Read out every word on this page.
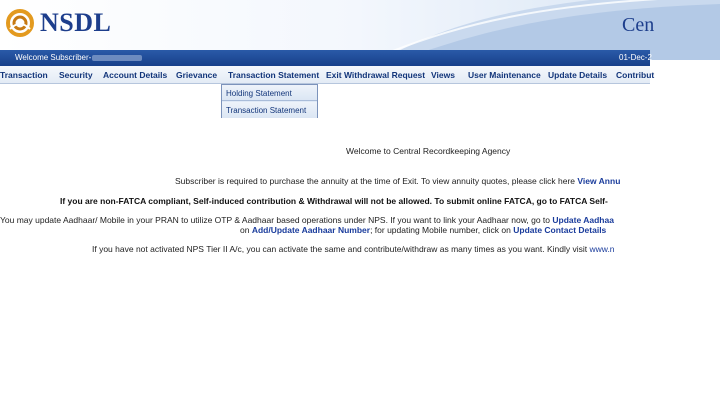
NSDL	Cen
Welcome Subscriber-	01-Dec-2
Transaction Security Account Details Grievance Transaction Statement Exit Withdrawal Request Views User Maintenance Update Details Contribut
Holding Statement
Transaction Statement
Welcome to Central Recordkeeping Agency
Subscriber is required to purchase the annuity at the time of Exit. To view annuity quotes, please click here View Annu
If you are non-FATCA compliant, Self-induced contribution & Withdrawal will not be allowed. To submit online FATCA, go to FATCA Self-
You may update Aadhaar/ Mobile in your PRAN to utilize OTP & Aadhaar based operations under NPS. If you want to link your Aadhaar now, go to Update Aadhaa
on Add/Update Aadhaar Number; for updating Mobile number, click on Update Contact Details
If you have not activated NPS Tier II A/c, you can activate the same and contribute/withdraw as many times as you want. Kindly visit www.n
